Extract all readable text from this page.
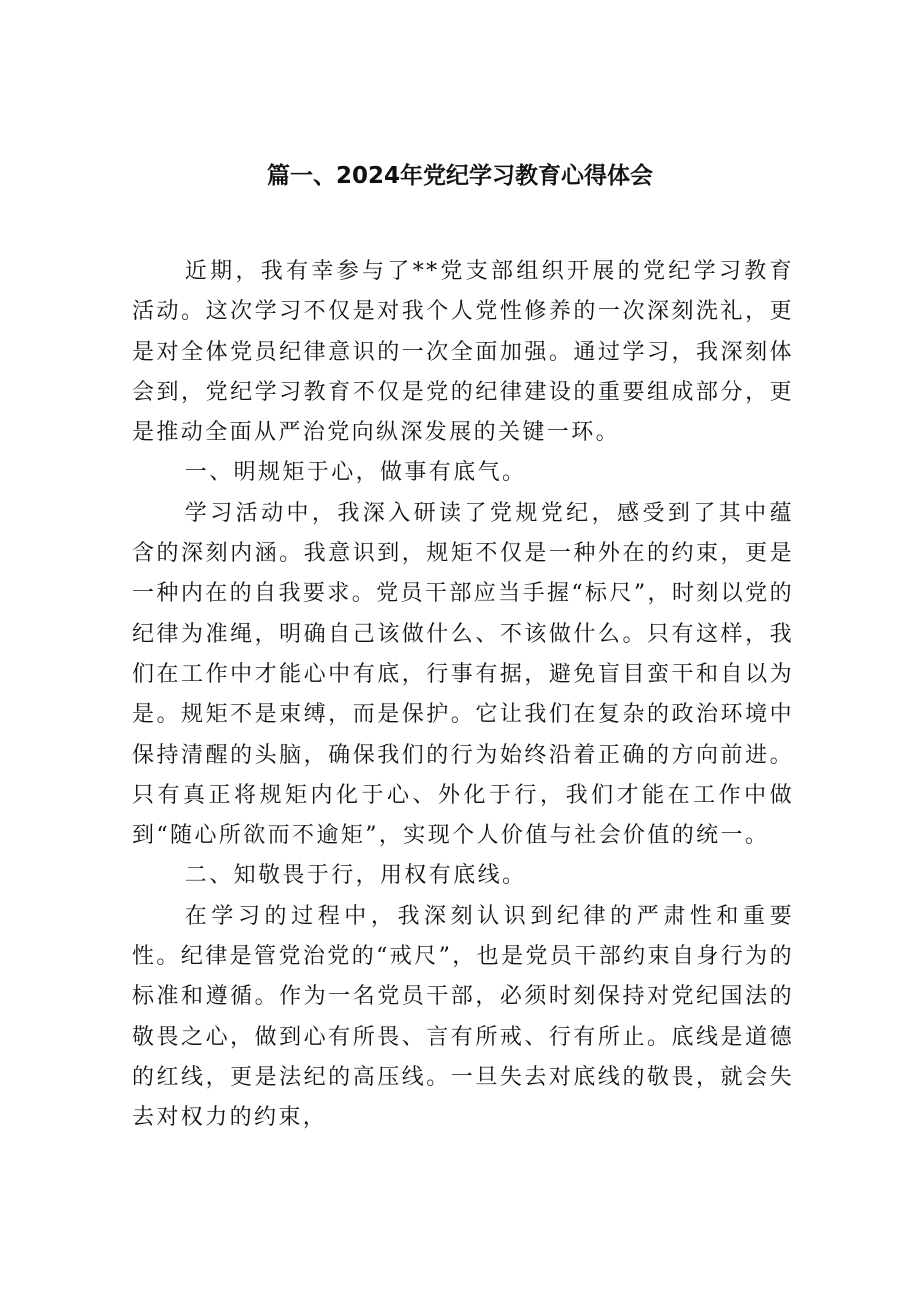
篇一、2024年党纪学习教育心得体会

近期，我有幸参与了**党支部组织开展的党纪学习教育活动。这次学习不仅是对我个人党性修养的一次深刻洗礼，更是对全体党员纪律意识的一次全面加强。通过学习，我深刻体会到，党纪学习教育不仅是党的纪律建设的重要组成部分，更是推动全面从严治党向纵深发展的关键一环。

一、明规矩于心，做事有底气。

学习活动中，我深入研读了党规党纪，感受到了其中蕴含的深刻内涵。我意识到，规矩不仅是一种外在的约束，更是一种内在的自我要求。党员干部应当手握“标尺”，时刻以党的纪律为准绳，明确自己该做什么、不该做什么。只有这样，我们在工作中才能心中有底，行事有据，避免盲目蛮干和自以为是。规矩不是束缚，而是保护。它让我们在复杂的政治环境中保持清醒的头脑，确保我们的行为始终沿着正确的方向前进。只有真正将规矩内化于心、外化于行，我们才能在工作中做到“随心所欲而不逾矩”，实现个人价值与社会价值的统一。

二、知敬畏于行，用权有底线。

在学习的过程中，我深刻认识到纪律的严肃性和重要性。纪律是管党治党的“戒尺”，也是党员干部约束自身行为的标准和遵循。作为一名党员干部，必须时刻保持对党纪国法的敬畏之心，做到心有所畏、言有所戒、行有所止。底线是道德的红线，更是法纪的高压线。一旦失去对底线的敬畏，就会失去对权力的约束，
